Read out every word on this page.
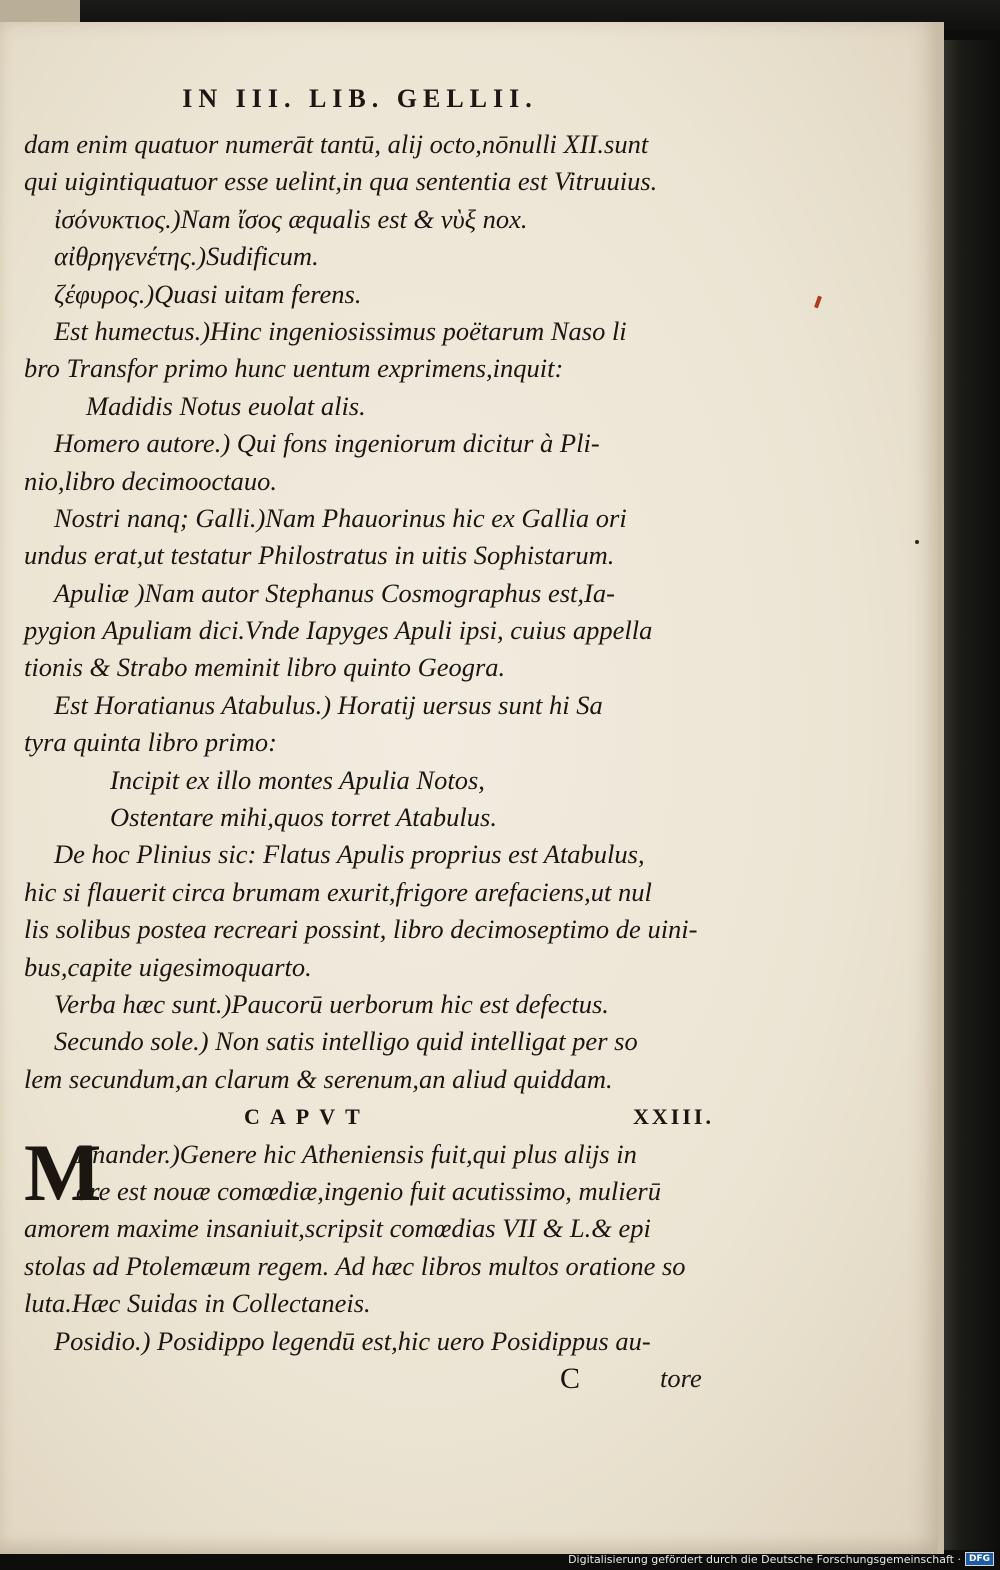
IN III. LIB. GELLII.
dam enim quatuor numerāt tantū, alij octo,nōnulli XII.sunt
qui uigintiquatuor esse uelint,in qua sententia est Vitruuius.
ἰσόνυκτιος.)Nam ἴσος æqualis est & νὺξ nox.
αἰθρηγενέτης.)Sudificum.
ζέφυρος.)Quasi uitam ferens.
Est humectus.)Hinc ingeniosissimus poëtarum Naso li
bro Transfor primo hunc uentum exprimens,inquit:
Madidis Notus euolat alis.
Homero autore.) Qui fons ingeniorum dicitur à Pli-
nio,libro decimooctauo.
Nostri nanq; Galli.)Nam Phauorinus hic ex Gallia ori
undus erat,ut testatur Philostratus in uitis Sophistarum.
Apuliæ )Nam autor Stephanus Cosmographus est,Ia-
pygion Apuliam dici.Vnde Iapyges Apuli ipsi, cuius appella
tionis & Strabo meminit libro quinto Geogra.
Est Horatianus Atabulus.) Horatij uersus sunt hi Sa
tyra quinta libro primo:
Incipit ex illo montes Apulia Notos,
Ostentare mihi,quos torret Atabulus.
De hoc Plinius sic: Flatus Apulis proprius est Atabulus,
hic si flauerit circa brumam exurit,frigore arefaciens,ut nul
lis solibus postea recreari possint, libro decimoseptimo de uini-
bus,capite uigesimoquarto.
Verba hæc sunt.)Paucorū uerborum hic est defectus.
Secundo sole.) Non satis intelligo quid intelligat per so
lem secundum,an clarum & serenum,an aliud quiddam.
CAPVT	XXIII.
M
Enander.)Genere hic Atheniensis fuit,qui plus alijs in
ore est nouæ comœdiæ,ingenio fuit acutissimo, mulierū
amorem maxime insaniuit,scripsit comœdias VII & L.& epi
stolas ad Ptolemæum regem. Ad hæc libros multos oratione so
luta.Hæc Suidas in Collectaneis.
Posidio.) Posidippo legendū est,hic uero Posidippus au-
C	tore
Digitalisierung gefördert durch die Deutsche Forschungsgemeinschaft · DFG
